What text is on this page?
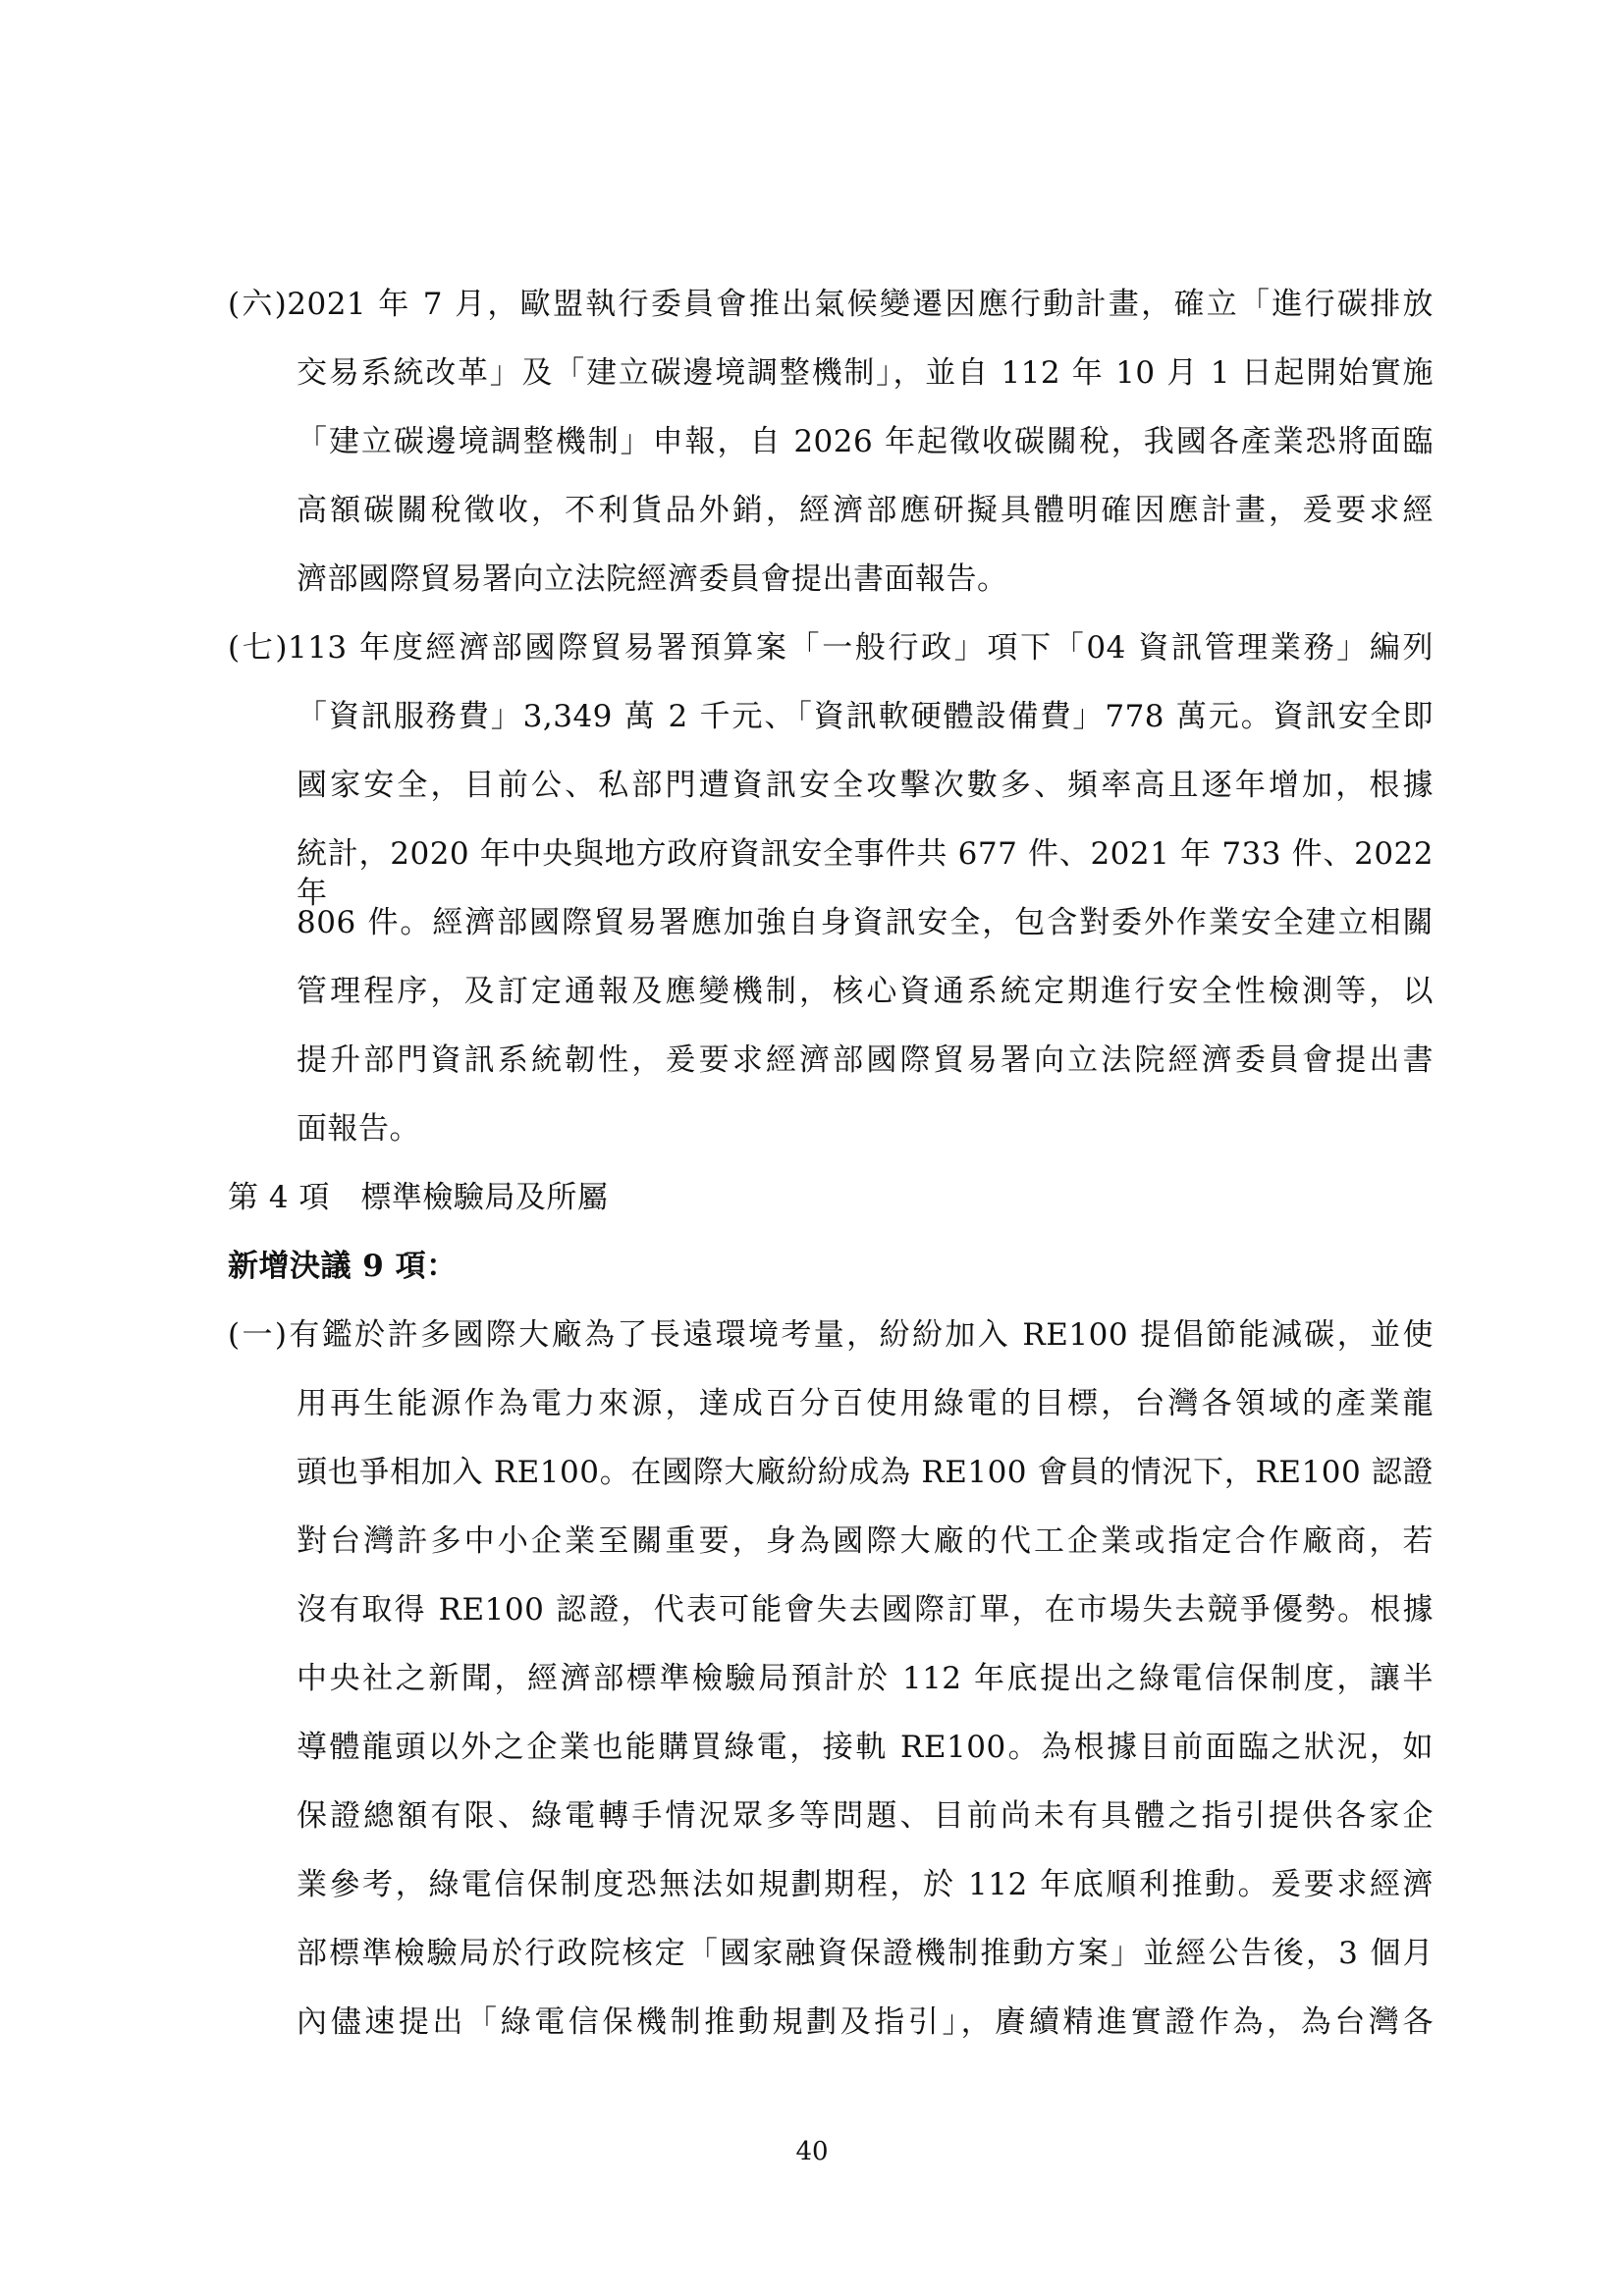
(六)2021 年 7 月，歐盟執行委員會推出氣候變遷因應行動計畫，確立「進行碳排放
交易系統改革」及「建立碳邊境調整機制」，並自 112 年 10 月 1 日起開始實施
「建立碳邊境調整機制」申報，自 2026 年起徵收碳關稅，我國各產業恐將面臨
高額碳關稅徵收，不利貨品外銷，經濟部應研擬具體明確因應計畫，爰要求經
濟部國際貿易署向立法院經濟委員會提出書面報告。
(七)113 年度經濟部國際貿易署預算案「一般行政」項下「04 資訊管理業務」編列
「資訊服務費」3,349 萬 2 千元、「資訊軟硬體設備費」778 萬元。資訊安全即
國家安全，目前公、私部門遭資訊安全攻擊次數多、頻率高且逐年增加，根據
統計，2020 年中央與地方政府資訊安全事件共 677 件、2021 年 733 件、2022 年
806 件。經濟部國際貿易署應加強自身資訊安全，包含對委外作業安全建立相關
管理程序，及訂定通報及應變機制，核心資通系統定期進行安全性檢測等，以
提升部門資訊系統韌性，爰要求經濟部國際貿易署向立法院經濟委員會提出書
面報告。
第 4 項　標準檢驗局及所屬
新增決議 9 項：
(一)有鑑於許多國際大廠為了長遠環境考量，紛紛加入 RE100 提倡節能減碳，並使
用再生能源作為電力來源，達成百分百使用綠電的目標，台灣各領域的產業龍
頭也爭相加入 RE100。在國際大廠紛紛成為 RE100 會員的情況下，RE100 認證
對台灣許多中小企業至關重要，身為國際大廠的代工企業或指定合作廠商，若
沒有取得 RE100 認證，代表可能會失去國際訂單，在市場失去競爭優勢。根據
中央社之新聞，經濟部標準檢驗局預計於 112 年底提出之綠電信保制度，讓半
導體龍頭以外之企業也能購買綠電，接軌 RE100。為根據目前面臨之狀況，如
保證總額有限、綠電轉手情況眾多等問題、目前尚未有具體之指引提供各家企
業參考，綠電信保制度恐無法如規劃期程，於 112 年底順利推動。爰要求經濟
部標準檢驗局於行政院核定「國家融資保證機制推動方案」並經公告後，3 個月
內儘速提出「綠電信保機制推動規劃及指引」，賡續精進實證作為，為台灣各
40
